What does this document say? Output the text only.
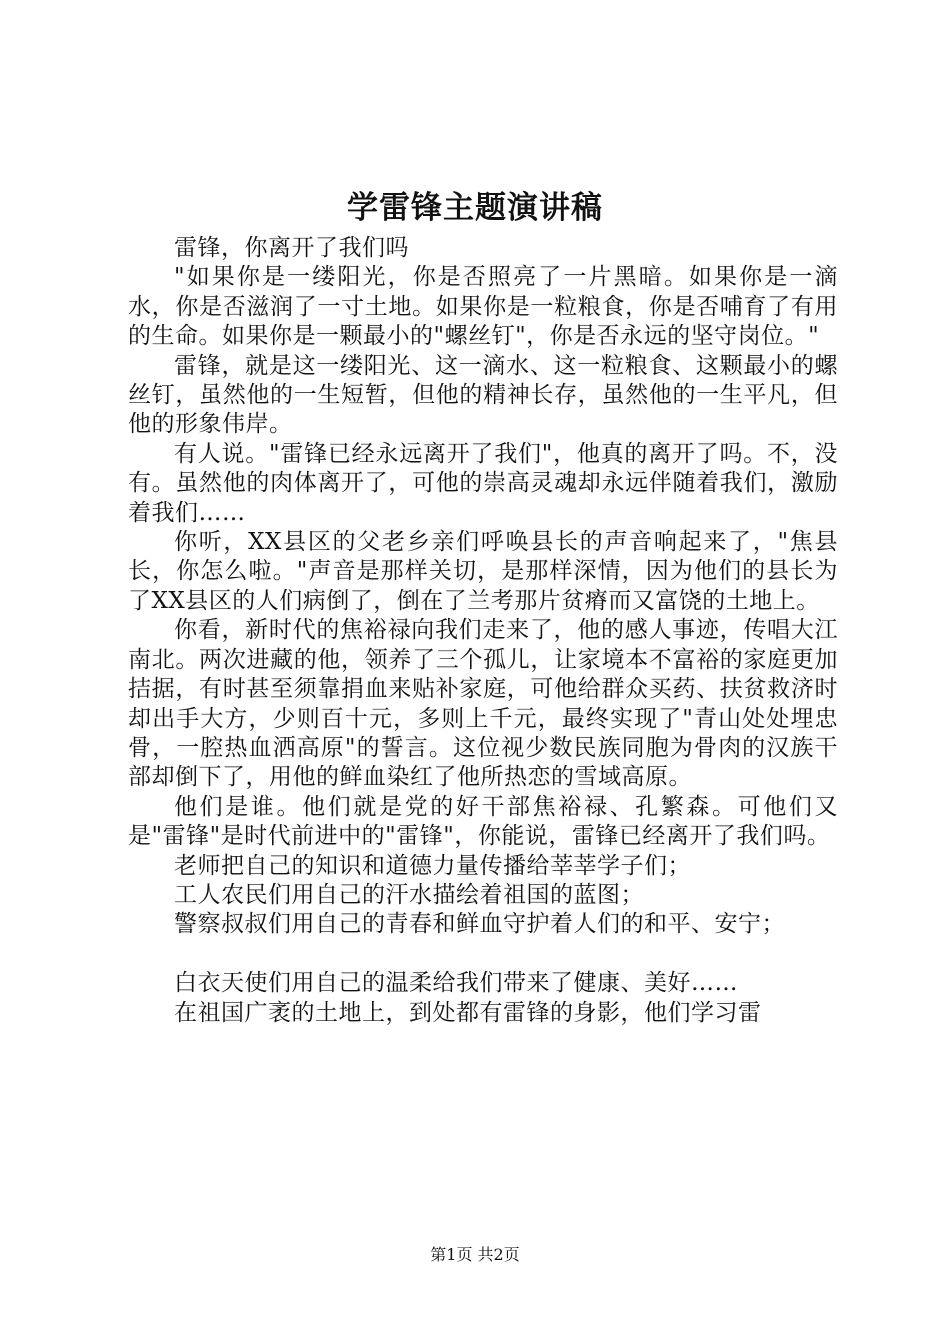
学雷锋主题演讲稿

雷锋，你离开了我们吗

"如果你是一缕阳光，你是否照亮了一片黑暗。如果你是一滴水，你是否滋润了一寸土地。如果你是一粒粮食，你是否哺育了有用的生命。如果你是一颗最小的"螺丝钉"，你是否永远的坚守岗位。"

雷锋，就是这一缕阳光、这一滴水、这一粒粮食、这颗最小的螺丝钉，虽然他的一生短暂，但他的精神长存，虽然他的一生平凡，但他的形象伟岸。

有人说。"雷锋已经永远离开了我们"，他真的离开了吗。不，没有。虽然他的肉体离开了，可他的崇高灵魂却永远伴随着我们，激励着我们……

你听，XX县区的父老乡亲们呼唤县长的声音响起来了，"焦县长，你怎么啦。"声音是那样关切，是那样深情，因为他们的县长为了XX县区的人们病倒了，倒在了兰考那片贫瘠而又富饶的土地上。

你看，新时代的焦裕禄向我们走来了，他的感人事迹，传唱大江南北。两次进藏的他，领养了三个孤儿，让家境本不富裕的家庭更加拮据，有时甚至须靠捐血来贴补家庭，可他给群众买药、扶贫救济时却出手大方，少则百十元，多则上千元，最终实现了"青山处处埋忠骨，一腔热血洒高原"的誓言。这位视少数民族同胞为骨肉的汉族干部却倒下了，用他的鲜血染红了他所热恋的雪域高原。

他们是谁。他们就是党的好干部焦裕禄、孔繁森。可他们又是"雷锋"是时代前进中的"雷锋"，你能说，雷锋已经离开了我们吗。

老师把自己的知识和道德力量传播给莘莘学子们；

工人农民们用自己的汗水描绘着祖国的蓝图；

警察叔叔们用自己的青春和鲜血守护着人们的和平、安宁；

白衣天使们用自己的温柔给我们带来了健康、美好……

在祖国广袤的土地上，到处都有雷锋的身影，他们学习雷

第1页 共2页
